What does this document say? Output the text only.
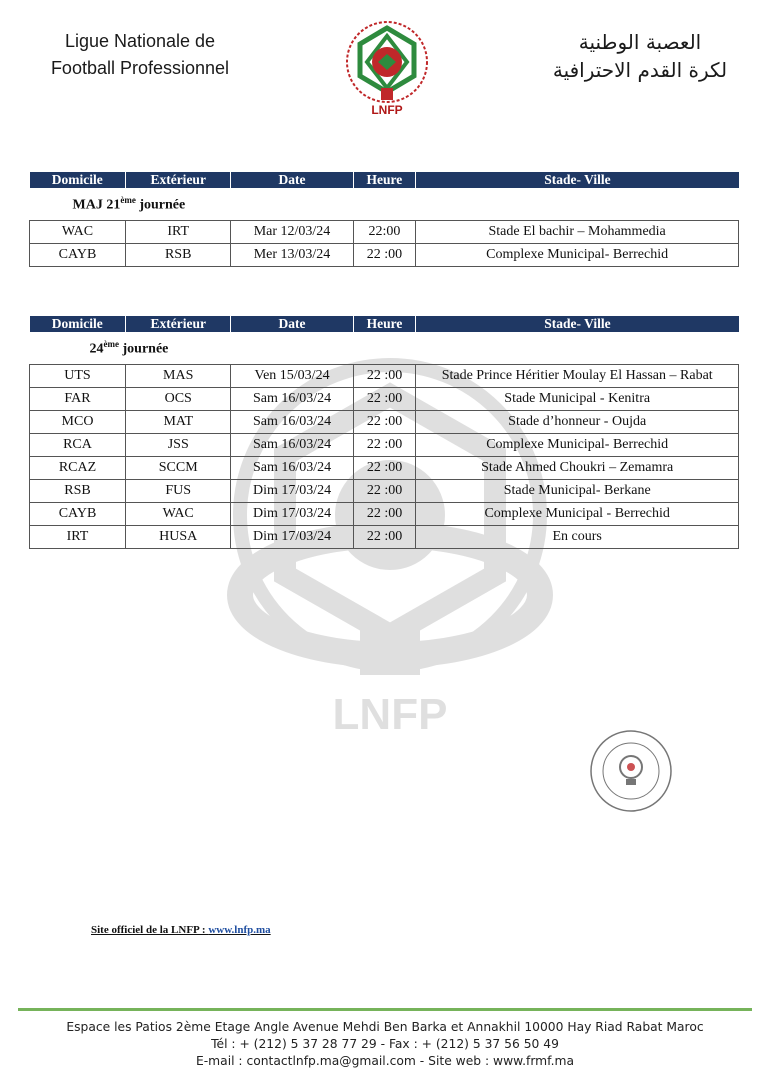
Ligue Nationale de
Football Professionnel
LNFP
العصبة الوطنية
لكرة القدم الاحترافية
LNFP
Domicile	Extérieur	Date	Heure	Stade- Ville
MAJ 21ème journée				
WAC	IRT	Mar 12/03/24	22:00	Stade El bachir – Mohammedia
CAYB	RSB	Mer 13/03/24	22 :00	Complexe Municipal- Berrechid
Domicile	Extérieur	Date	Heure	Stade- Ville
24ème journée				
UTS	MAS	Ven 15/03/24	22 :00	Stade Prince Héritier Moulay El Hassan – Rabat
FAR	OCS	Sam 16/03/24	22 :00	Stade Municipal - Kenitra
MCO	MAT	Sam 16/03/24	22 :00	Stade d’honneur - Oujda
RCA	JSS	Sam 16/03/24	22 :00	Complexe Municipal- Berrechid
RCAZ	SCCM	Sam 16/03/24	22 :00	Stade Ahmed Choukri – Zemamra
RSB	FUS	Dim 17/03/24	22 :00	Stade Municipal- Berkane
CAYB	WAC	Dim 17/03/24	22 :00	Complexe Municipal - Berrechid
IRT	HUSA	Dim 17/03/24	22 :00	En cours
Site officiel de la LNFP : www.lnfp.ma
Espace les Patios 2ème Etage Angle Avenue Mehdi Ben Barka et Annakhil 10000 Hay Riad Rabat Maroc
Tél : + (212) 5 37 28 77 29 - Fax : + (212) 5 37 56 50 49
E-mail : contactlnfp.ma@gmail.com - Site web : www.frmf.ma
